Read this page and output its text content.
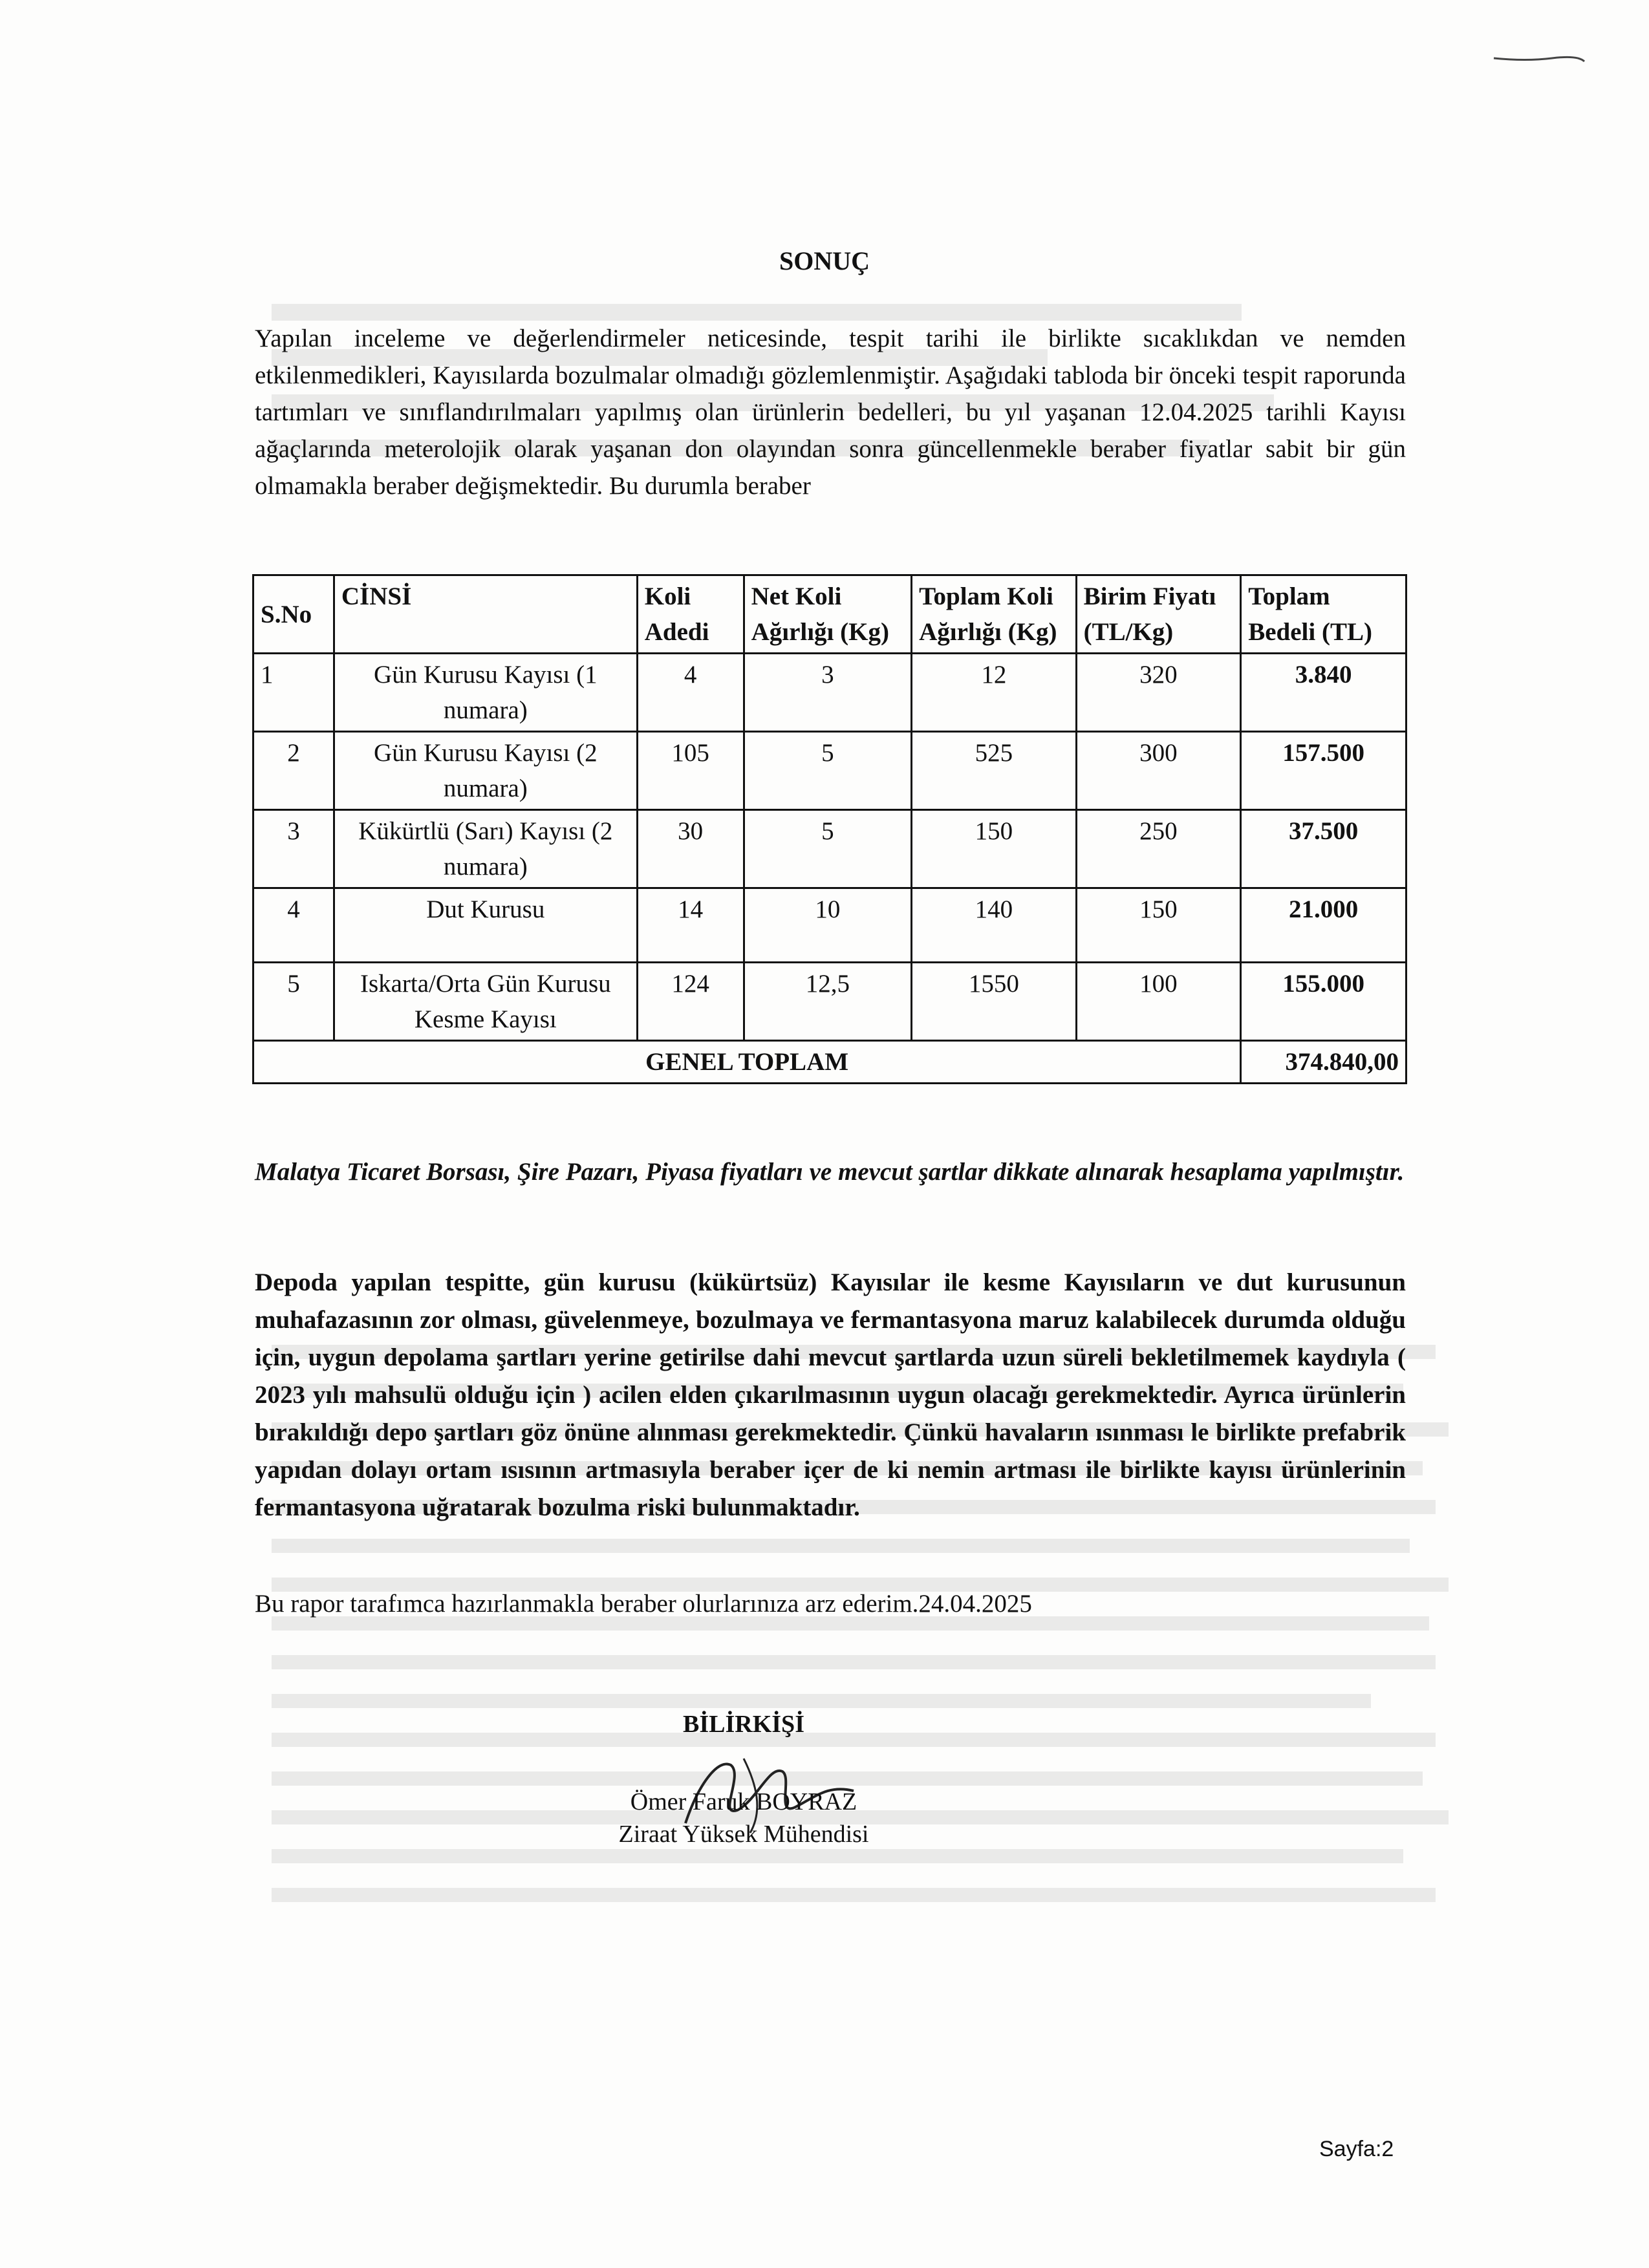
SONUÇ
Yapılan inceleme ve değerlendirmeler neticesinde, tespit tarihi ile birlikte sıcaklıkdan ve nemden etkilenmedikleri, Kayısılarda bozulmalar olmadığı gözlemlenmiştir. Aşağıdaki tabloda bir önceki tespit raporunda tartımları ve sınıflandırılmaları yapılmış olan ürünlerin bedelleri, bu yıl yaşanan 12.04.2025 tarihli Kayısı ağaçlarında meterolojik olarak yaşanan don olayından sonra güncellenmekle beraber fiyatlar sabit bir gün olmamakla beraber değişmektedir. Bu durumla beraber
S.No	CİNSİ	Koli Adedi	Net Koli Ağırlığı (Kg)	Toplam Koli Ağırlığı (Kg)	Birim Fiyatı (TL/Kg)	Toplam Bedeli (TL)
1	Gün Kurusu Kayısı (1 numara)	4	3	12	320	3.840
2	Gün Kurusu Kayısı (2 numara)	105	5	525	300	157.500
3	Kükürtlü (Sarı) Kayısı (2 numara)	30	5	150	250	37.500
4	Dut Kurusu	14	10	140	150	21.000
5	Iskarta/Orta Gün Kurusu Kesme Kayısı	124	12,5	1550	100	155.000
GENEL TOPLAM						374.840,00
Malatya Ticaret Borsası, Şire Pazarı, Piyasa fiyatları ve mevcut şartlar dikkate alınarak hesaplama yapılmıştır.
Depoda yapılan tespitte, gün kurusu (kükürtsüz) Kayısılar ile kesme Kayısıların ve dut kurusunun muhafazasının zor olması, güvelenmeye, bozulmaya ve fermantasyona maruz kalabilecek durumda olduğu için, uygun depolama şartları yerine getirilse dahi mevcut şartlarda uzun süreli bekletilmemek kaydıyla ( 2023 yılı mahsulü olduğu için ) acilen elden çıkarılmasının uygun olacağı gerekmektedir. Ayrıca ürünlerin bırakıldığı depo şartları göz önüne alınması gerekmektedir. Çünkü havaların ısınması le birlikte prefabrik yapıdan dolayı ortam ısısının artmasıyla beraber içer de ki nemin artması ile birlikte kayısı ürünlerinin fermantasyona uğratarak bozulma riski bulunmaktadır.
Bu rapor tarafımca hazırlanmakla beraber olurlarınıza arz ederim.24.04.2025
BİLİRKİŞİ
Ömer Faruk BOYRAZ
Ziraat Yüksek Mühendisi
Sayfa:2
